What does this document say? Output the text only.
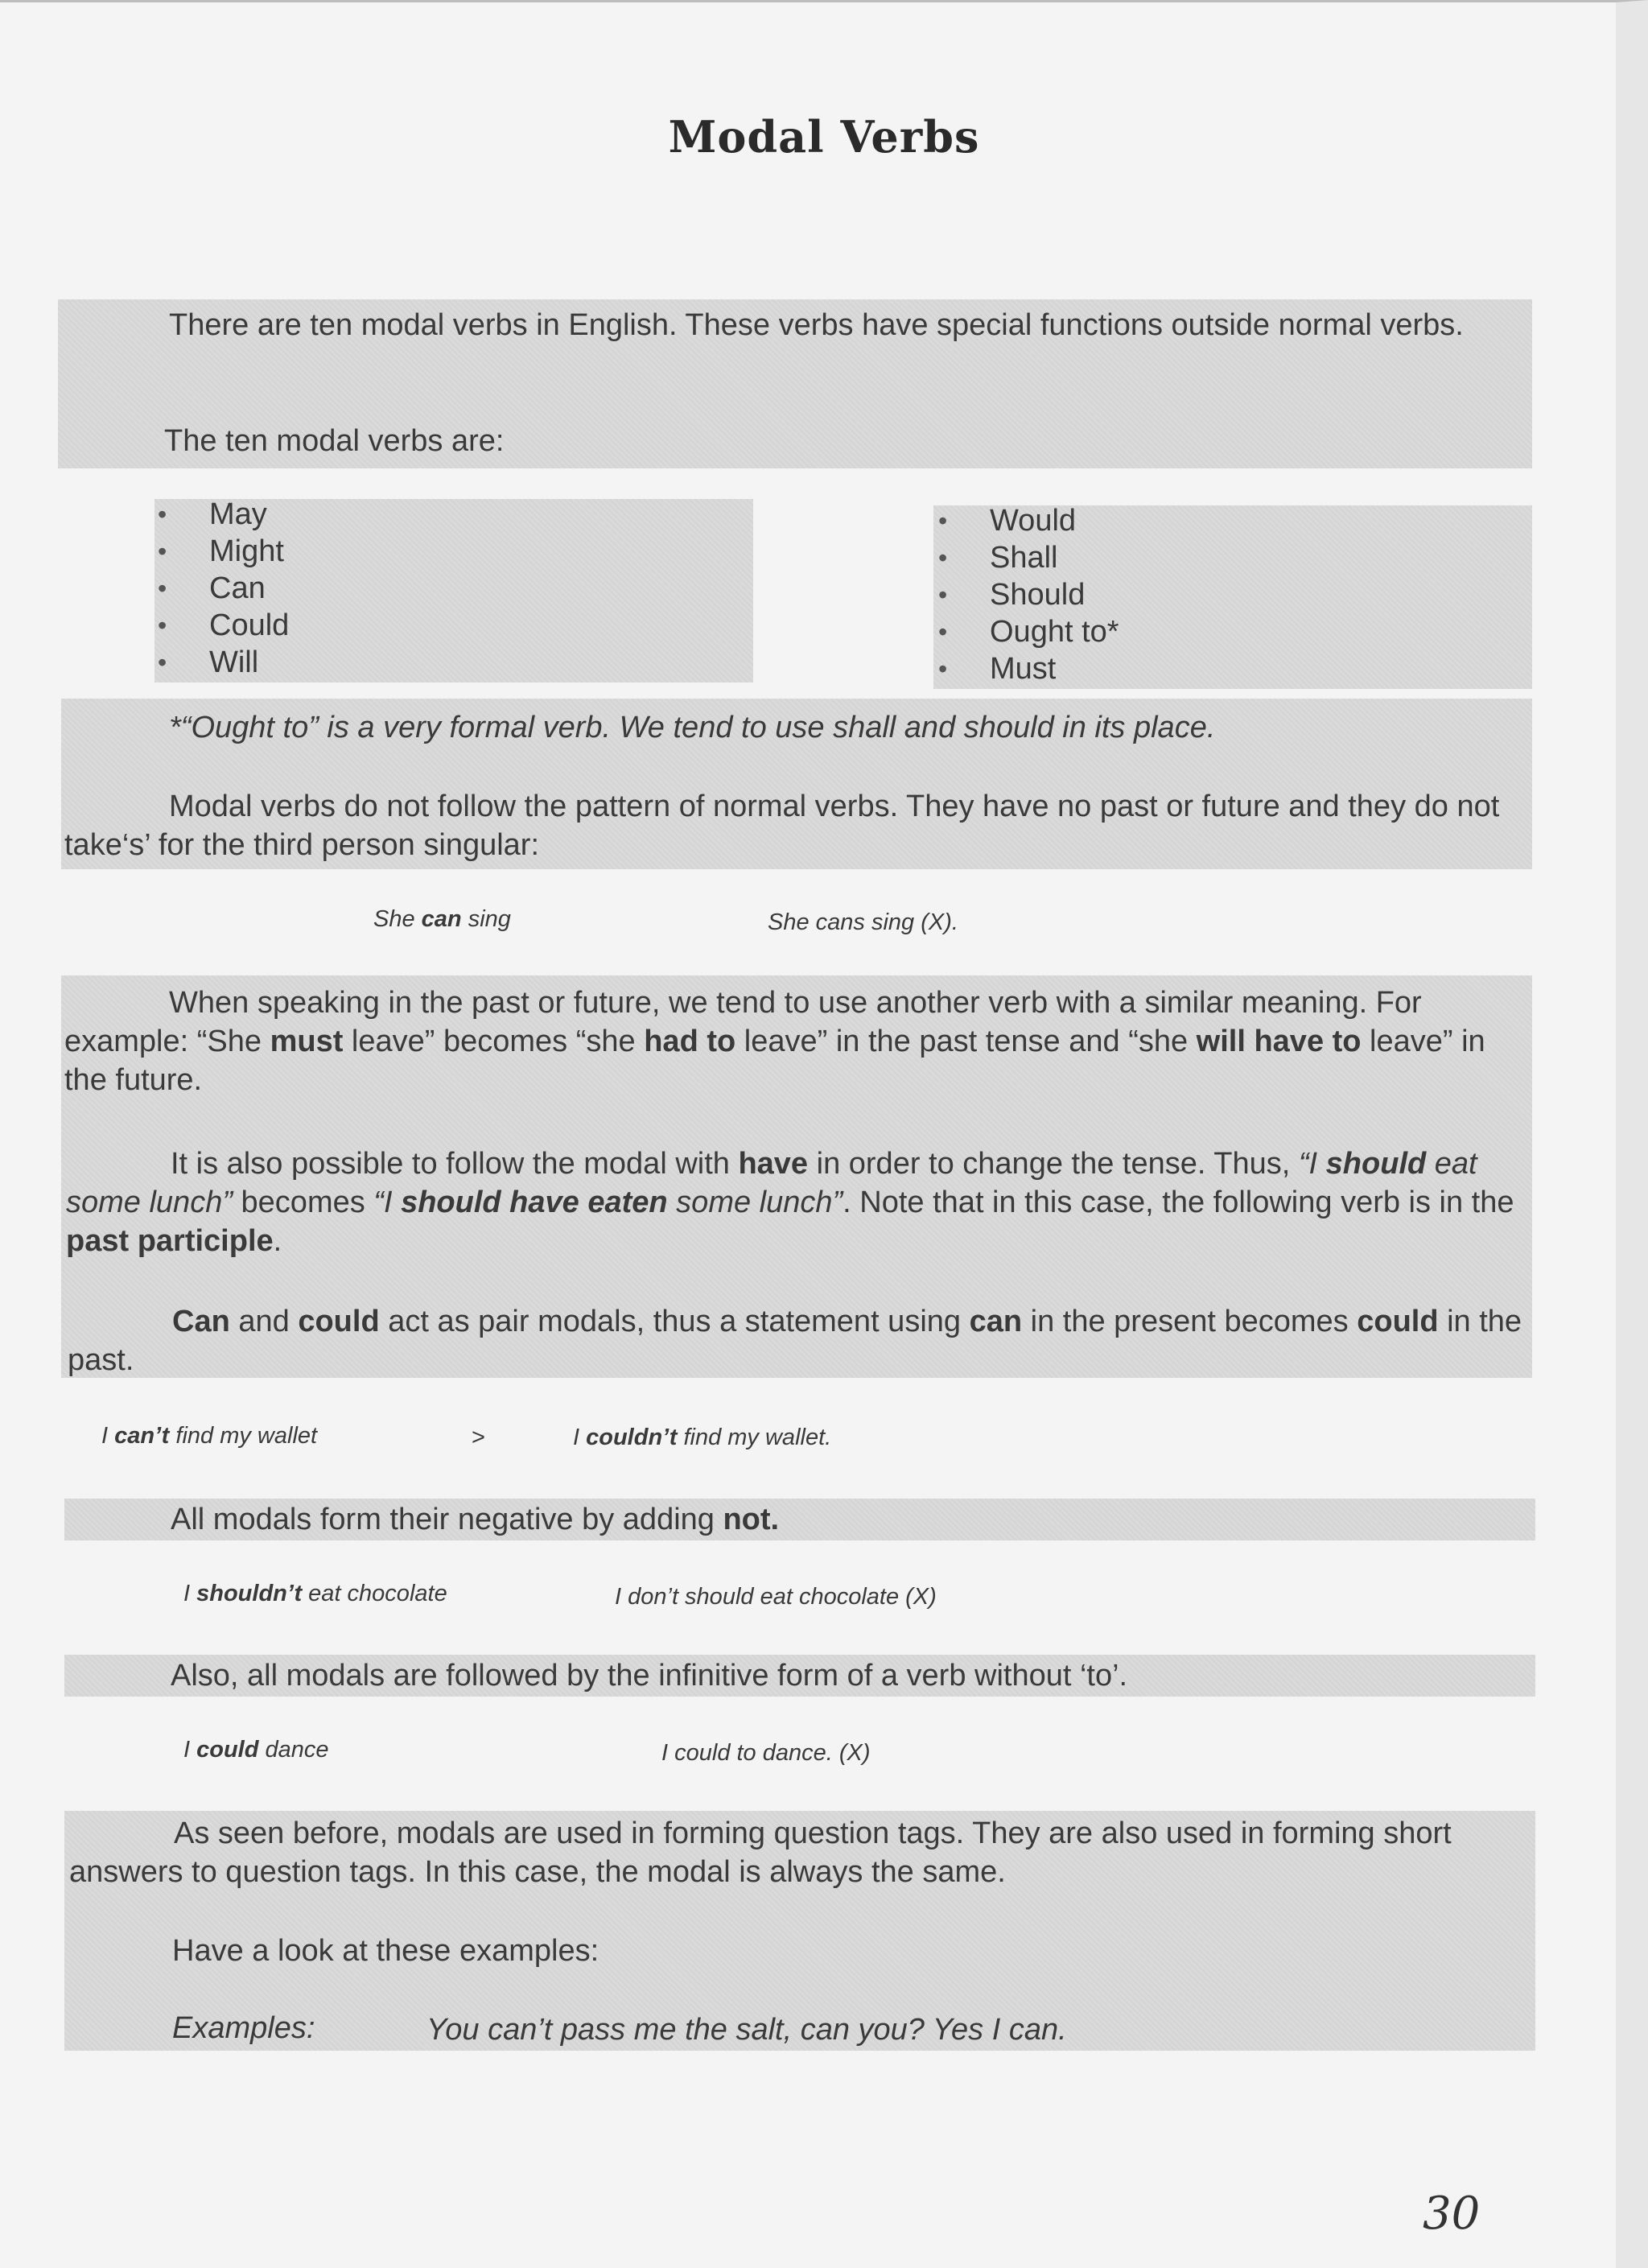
Modal Verbs
There are ten modal verbs in English. These verbs have special functions outside normal verbs.
The ten modal verbs are:
• May
• Might
• Can
• Could
• Will
• Would
• Shall
• Should
• Ought to*
• Must
*“Ought to” is a very formal verb. We tend to use shall and should in its place.
Modal verbs do not follow the pattern of normal verbs. They have no past or future and they do not take‘s’ for the third person singular:
She can sing	She cans sing (X).
When speaking in the past or future, we tend to use another verb with a similar meaning. For example: “She must leave” becomes “she had to leave” in the past tense and “she will have to leave” in the future.
It is also possible to follow the modal with have in order to change the tense. Thus, “I should eat some lunch” becomes “I should have eaten some lunch”. Note that in this case, the following verb is in the past participle.
Can and could act as pair modals, thus a statement using can in the present becomes could in the past.
I can’t find my wallet	>	I couldn’t find my wallet.
All modals form their negative by adding not.
I shouldn’t eat chocolate	I don’t should eat chocolate (X)
Also, all modals are followed by the infinitive form of a verb without ‘to’.
I could dance	I could to dance. (X)
As seen before, modals are used in forming question tags. They are also used in forming short answers to question tags. In this case, the modal is always the same.
Have a look at these examples:
Examples:	You can’t pass me the salt, can you? Yes I can.
30
